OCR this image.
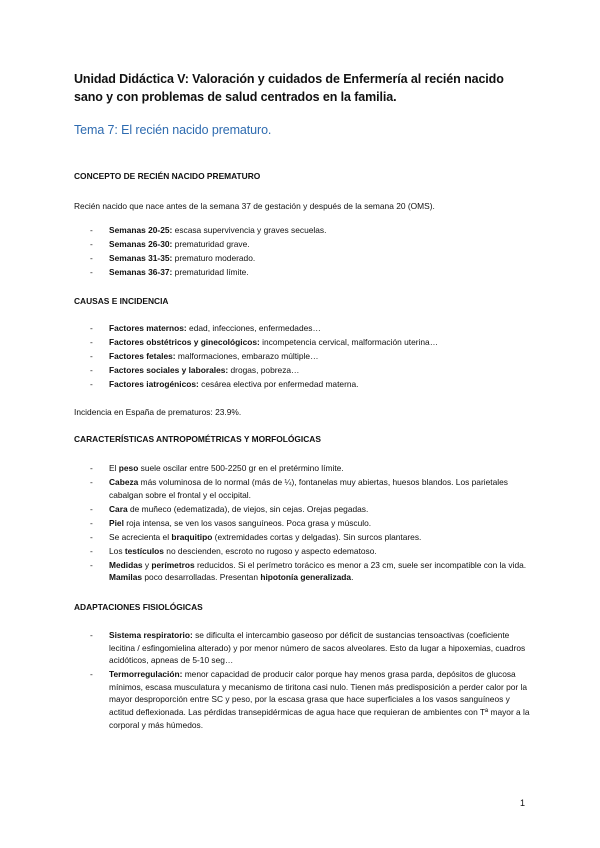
Unidad Didáctica V: Valoración y cuidados de Enfermería al recién nacido sano y con problemas de salud centrados en la familia.
Tema 7: El recién nacido prematuro.
CONCEPTO DE RECIÉN NACIDO PREMATURO
Recién nacido que nace antes de la semana 37 de gestación y después de la semana 20 (OMS).
- Semanas 20-25: escasa supervivencia y graves secuelas.
- Semanas 26-30: prematuridad grave.
- Semanas 31-35: prematuro moderado.
- Semanas 36-37: prematuridad límite.
CAUSAS E INCIDENCIA
- Factores maternos: edad, infecciones, enfermedades…
- Factores obstétricos y ginecológicos: incompetencia cervical, malformación uterina…
- Factores fetales: malformaciones, embarazo múltiple…
- Factores sociales y laborales: drogas, pobreza…
- Factores iatrogénicos: cesárea electiva por enfermedad materna.
Incidencia en España de prematuros: 23.9%.
CARACTERÍSTICAS ANTROPOMÉTRICAS Y MORFOLÓGICAS
- El peso suele oscilar entre 500-2250 gr en el pretérmino límite.
- Cabeza más voluminosa de lo normal (más de ¼), fontanelas muy abiertas, huesos blandos. Los parietales cabalgan sobre el frontal y el occipital.
- Cara de muñeco (edematizada), de viejos, sin cejas. Orejas pegadas.
- Piel roja intensa, se ven los vasos sanguíneos. Poca grasa y músculo.
- Se acrecienta el braquitipo (extremidades cortas y delgadas). Sin surcos plantares.
- Los testículos no descienden, escroto no rugoso y aspecto edematoso.
- Medidas y perímetros reducidos. Si el perímetro torácico es menor a 23 cm, suele ser incompatible con la vida. Mamilas poco desarrolladas. Presentan hipotonía generalizada.
ADAPTACIONES FISIOLÓGICAS
- Sistema respiratorio: se dificulta el intercambio gaseoso por déficit de sustancias tensoactivas (coeficiente lecitina / esfingomielina alterado) y por menor número de sacos alveolares. Esto da lugar a hipoxemias, cuadros acidóticos, apneas de 5-10 seg…
- Termorregulación: menor capacidad de producir calor porque hay menos grasa parda, depósitos de glucosa mínimos, escasa musculatura y mecanismo de tiritona casi nulo. Tienen más predisposición a perder calor por la mayor desproporción entre SC y peso, por la escasa grasa que hace superficiales a los vasos sanguíneos y actitud deflexionada. Las pérdidas transepidérmicas de agua hace que requieran de ambientes con Tª mayor a la corporal y más húmedos.
1
